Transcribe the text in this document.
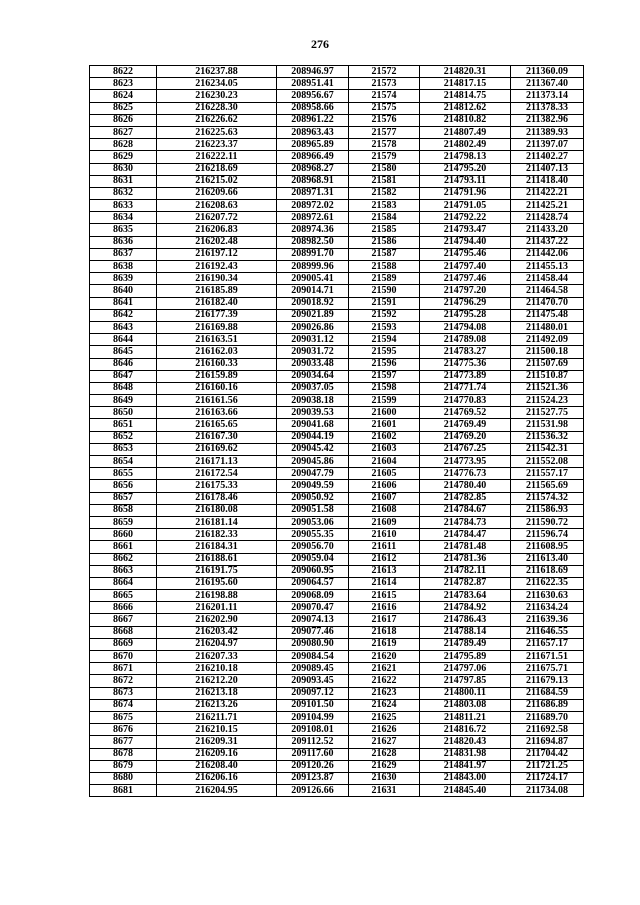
276
8622	216237.88	208946.97	21572	214820.31	211360.09
8623	216234.05	208951.41	21573	214817.15	211367.40
8624	216230.23	208956.67	21574	214814.75	211373.14
8625	216228.30	208958.66	21575	214812.62	211378.33
8626	216226.62	208961.22	21576	214810.82	211382.96
8627	216225.63	208963.43	21577	214807.49	211389.93
8628	216223.37	208965.89	21578	214802.49	211397.07
8629	216222.11	208966.49	21579	214798.13	211402.27
8630	216218.69	208968.27	21580	214795.20	211407.13
8631	216215.02	208968.91	21581	214793.11	211418.40
8632	216209.66	208971.31	21582	214791.96	211422.21
8633	216208.63	208972.02	21583	214791.05	211425.21
8634	216207.72	208972.61	21584	214792.22	211428.74
8635	216206.83	208974.36	21585	214793.47	211433.20
8636	216202.48	208982.50	21586	214794.40	211437.22
8637	216197.12	208991.70	21587	214795.46	211442.06
8638	216192.43	208999.96	21588	214797.40	211455.13
8639	216190.34	209005.41	21589	214797.46	211458.44
8640	216185.89	209014.71	21590	214797.20	211464.58
8641	216182.40	209018.92	21591	214796.29	211470.70
8642	216177.39	209021.89	21592	214795.28	211475.48
8643	216169.88	209026.86	21593	214794.08	211480.01
8644	216163.51	209031.12	21594	214789.08	211492.09
8645	216162.03	209031.72	21595	214783.27	211500.18
8646	216160.33	209033.48	21596	214775.36	211507.69
8647	216159.89	209034.64	21597	214773.89	211510.87
8648	216160.16	209037.05	21598	214771.74	211521.36
8649	216161.56	209038.18	21599	214770.83	211524.23
8650	216163.66	209039.53	21600	214769.52	211527.75
8651	216165.65	209041.68	21601	214769.49	211531.98
8652	216167.30	209044.19	21602	214769.20	211536.32
8653	216169.62	209045.42	21603	214767.25	211542.31
8654	216171.13	209045.86	21604	214773.95	211552.08
8655	216172.54	209047.79	21605	214776.73	211557.17
8656	216175.33	209049.59	21606	214780.40	211565.69
8657	216178.46	209050.92	21607	214782.85	211574.32
8658	216180.08	209051.58	21608	214784.67	211586.93
8659	216181.14	209053.06	21609	214784.73	211590.72
8660	216182.33	209055.35	21610	214784.47	211596.74
8661	216184.31	209056.70	21611	214781.48	211608.95
8662	216188.61	209059.04	21612	214781.36	211613.40
8663	216191.75	209060.95	21613	214782.11	211618.69
8664	216195.60	209064.57	21614	214782.87	211622.35
8665	216198.88	209068.09	21615	214783.64	211630.63
8666	216201.11	209070.47	21616	214784.92	211634.24
8667	216202.90	209074.13	21617	214786.43	211639.36
8668	216203.42	209077.46	21618	214788.14	211646.55
8669	216204.97	209080.90	21619	214789.49	211657.17
8670	216207.33	209084.54	21620	214795.89	211671.51
8671	216210.18	209089.45	21621	214797.06	211675.71
8672	216212.20	209093.45	21622	214797.85	211679.13
8673	216213.18	209097.12	21623	214800.11	211684.59
8674	216213.26	209101.50	21624	214803.08	211686.89
8675	216211.71	209104.99	21625	214811.21	211689.70
8676	216210.15	209108.01	21626	214816.72	211692.58
8677	216209.31	209112.52	21627	214820.43	211694.87
8678	216209.16	209117.60	21628	214831.98	211704.42
8679	216208.40	209120.26	21629	214841.97	211721.25
8680	216206.16	209123.87	21630	214843.00	211724.17
8681	216204.95	209126.66	21631	214845.40	211734.08
